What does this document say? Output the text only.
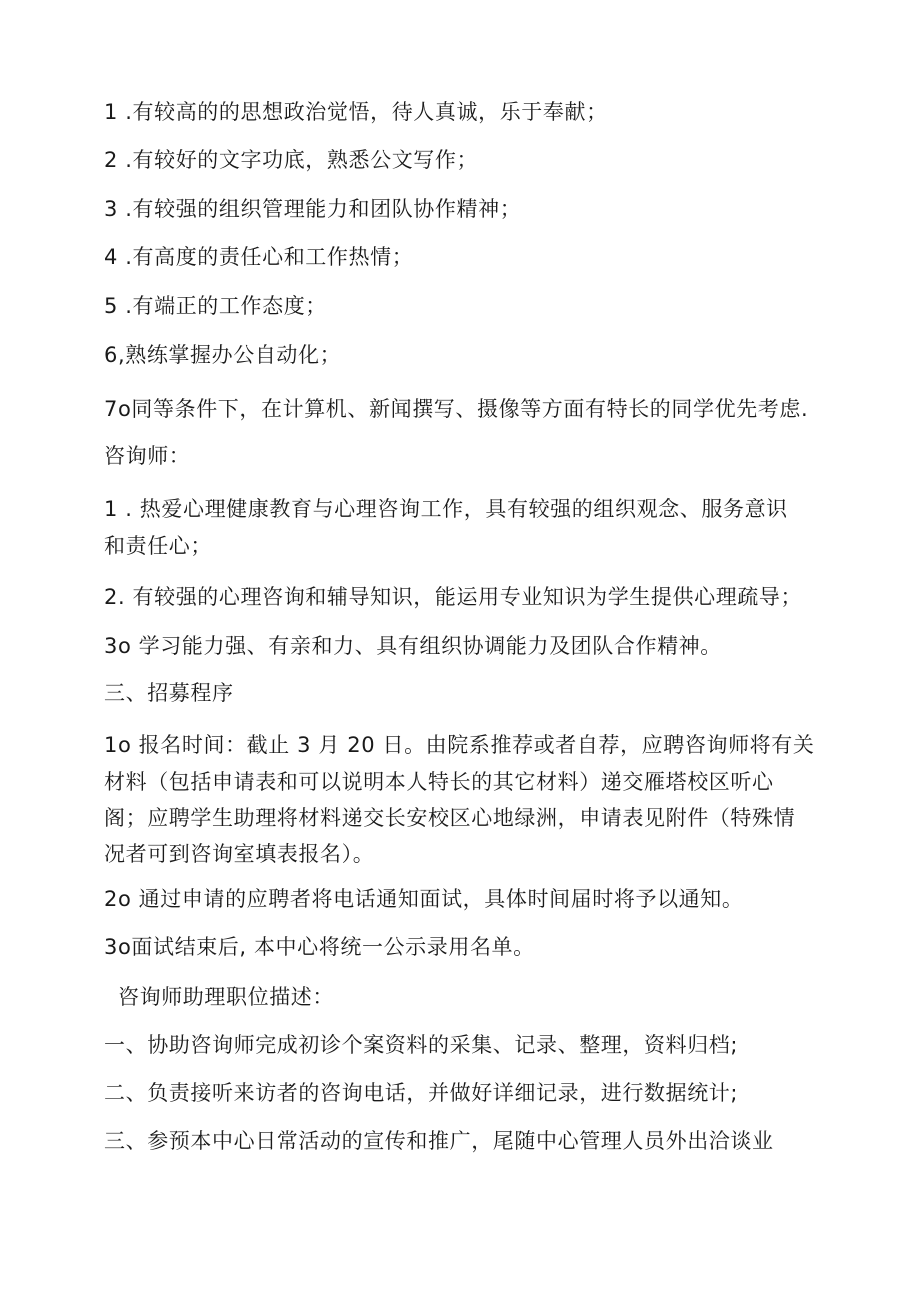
1 .有较高的的思想政治觉悟，待人真诚，乐于奉献；
2 .有较好的文字功底，熟悉公文写作；
3 .有较强的组织管理能力和团队协作精神；
4 .有高度的责任心和工作热情；
5 .有端正的工作态度；
6,熟练掌握办公自动化；
7o同等条件下，在计算机、新闻撰写、摄像等方面有特长的同学优先考虑.
咨询师：
1 . 热爱心理健康教育与心理咨询工作，具有较强的组织观念、服务意识
和责任心；
2. 有较强的心理咨询和辅导知识，能运用专业知识为学生提供心理疏导；
3o 学习能力强、有亲和力、具有组织协调能力及团队合作精神。
三、招募程序
1o 报名时间：截止 3 月 20 日。由院系推荐或者自荐，应聘咨询师将有关
材料（包括申请表和可以说明本人特长的其它材料）递交雁塔校区听心
阁；应聘学生助理将材料递交长安校区心地绿洲，申请表见附件（特殊情
况者可到咨询室填表报名）。
2o 通过申请的应聘者将电话通知面试，具体时间届时将予以通知。
3o面试结束后, 本中心将统一公示录用名单。
咨询师助理职位描述：
一、协助咨询师完成初诊个案资料的采集、记录、整理，资料归档;
二、负责接听来访者的咨询电话，并做好详细记录，进行数据统计;
三、参预本中心日常活动的宣传和推广，尾随中心管理人员外出洽谈业
